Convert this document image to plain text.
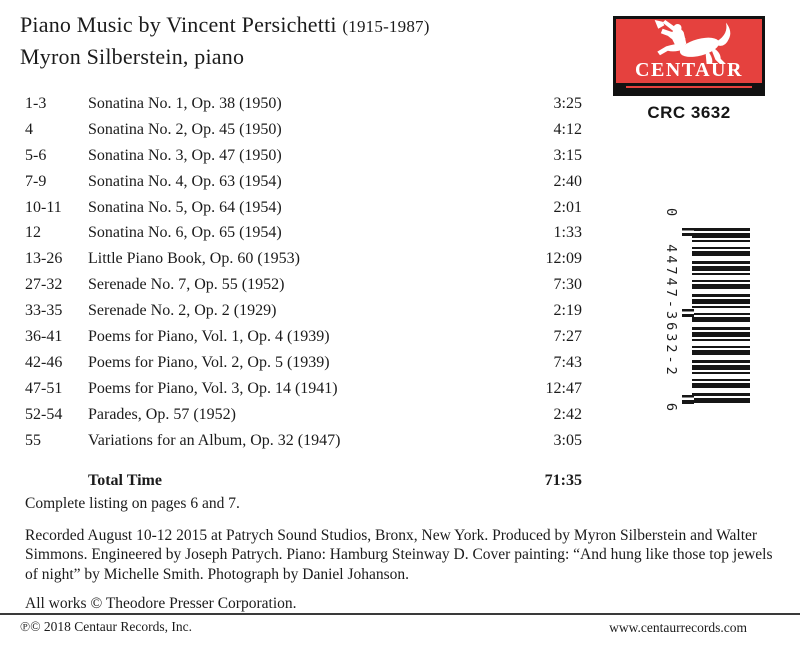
Piano Music by Vincent Persichetti (1915-1987)
Myron Silberstein, piano
CENTAUR
CRC 3632
0 44747-3632-2 6
1-3	Sonatina No. 1, Op. 38 (1950)	3:25
4	Sonatina No. 2, Op. 45 (1950)	4:12
5-6	Sonatina No. 3, Op. 47 (1950)	3:15
7-9	Sonatina No. 4, Op. 63 (1954)	2:40
10-11	Sonatina No. 5, Op. 64 (1954)	2:01
12	Sonatina No. 6, Op. 65 (1954)	1:33
13-26	Little Piano Book, Op. 60 (1953)	12:09
27-32	Serenade No. 7, Op. 55 (1952)	7:30
33-35	Serenade No. 2, Op. 2 (1929)	2:19
36-41	Poems for Piano, Vol. 1, Op. 4 (1939)	7:27
42-46	Poems for Piano, Vol. 2, Op. 5 (1939)	7:43
47-51	Poems for Piano, Vol. 3, Op. 14 (1941)	12:47
52-54	Parades, Op. 57 (1952)	2:42
55	Variations for an Album, Op. 32 (1947)	3:05
Total Time	71:35
Complete listing on pages 6 and 7.
Recorded August 10-12 2015 at Patrych Sound Studios, Bronx, New York. Produced by Myron Silberstein and Walter
Simmons. Engineered by Joseph Patrych. Piano: Hamburg Steinway D. Cover painting: “And hung like those top jewels
of night” by Michelle Smith. Photograph by Daniel Johanson.
All works © Theodore Presser Corporation.
℗© 2018 Centaur Records, Inc.	www.centaurrecords.com
